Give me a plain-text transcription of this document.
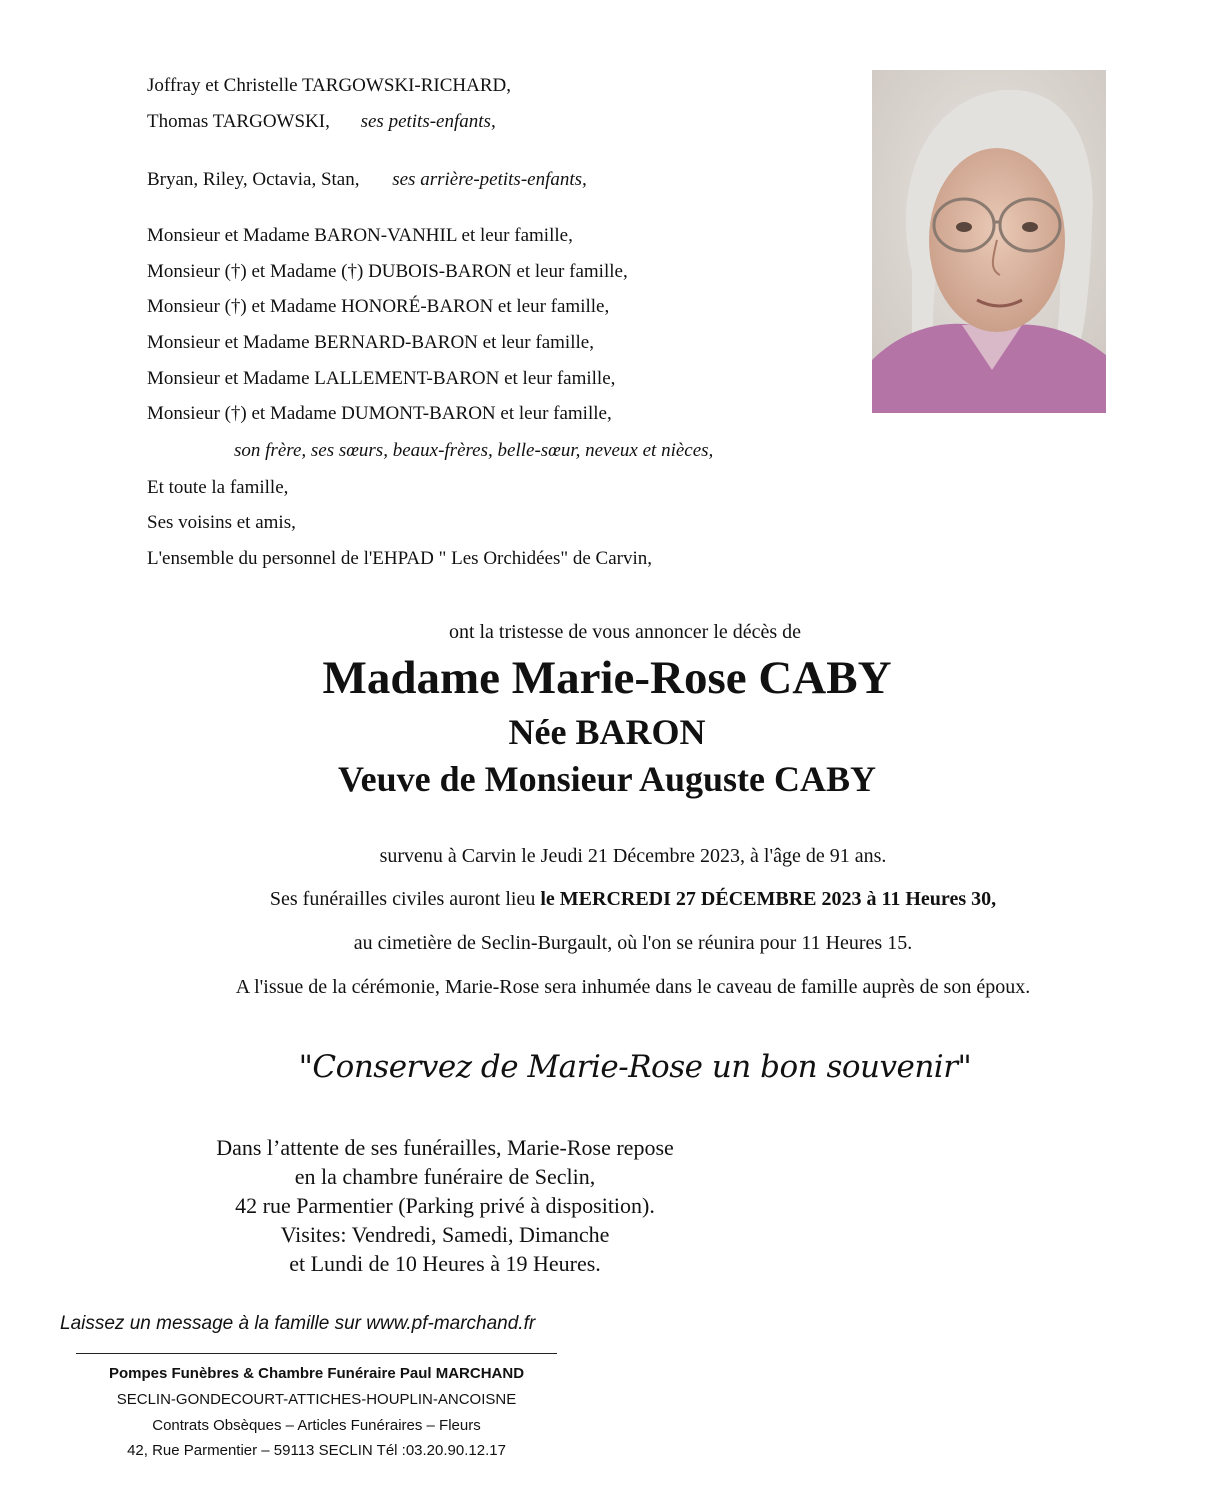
Joffray et Christelle TARGOWSKI-RICHARD,
Thomas TARGOWSKI, ses petits-enfants,
Bryan, Riley, Octavia, Stan, ses arrière-petits-enfants,
Monsieur et Madame BARON-VANHIL et leur famille,
Monsieur (†) et Madame (†) DUBOIS-BARON et leur famille,
Monsieur (†) et Madame HONORÉ-BARON et leur famille,
Monsieur et Madame BERNARD-BARON et leur famille,
Monsieur et Madame LALLEMENT-BARON et leur famille,
Monsieur (†) et Madame DUMONT-BARON et leur famille,
son frère, ses sœurs, beaux-frères, belle-sœur, neveux et nièces,
Et toute la famille,
Ses voisins et amis,
L'ensemble du personnel de l'EHPAD " Les Orchidées" de Carvin,
ont la tristesse de vous annoncer le décès de
Madame Marie-Rose CABY
Née BARON
Veuve de Monsieur Auguste CABY
survenu à Carvin le Jeudi 21 Décembre 2023, à l'âge de 91 ans.
Ses funérailles civiles auront lieu le MERCREDI 27 DÉCEMBRE 2023 à 11 Heures 30,
au cimetière de Seclin-Burgault, où l'on se réunira pour 11 Heures 15.
A l'issue de la cérémonie, Marie-Rose sera inhumée dans le caveau de famille auprès de son époux.
"Conservez de Marie-Rose un bon souvenir"
Dans l’attente de ses funérailles, Marie-Rose repose
en la chambre funéraire de Seclin,
42 rue Parmentier (Parking privé à disposition).
Visites: Vendredi, Samedi, Dimanche
et Lundi de 10 Heures à 19 Heures.
Laissez un message à la famille sur www.pf-marchand.fr
Pompes Funèbres & Chambre Funéraire Paul MARCHAND
SECLIN-GONDECOURT-ATTICHES-HOUPLIN-ANCOISNE
Contrats Obsèques – Articles Funéraires – Fleurs
42, Rue Parmentier – 59113 SECLIN Tél :03.20.90.12.17
